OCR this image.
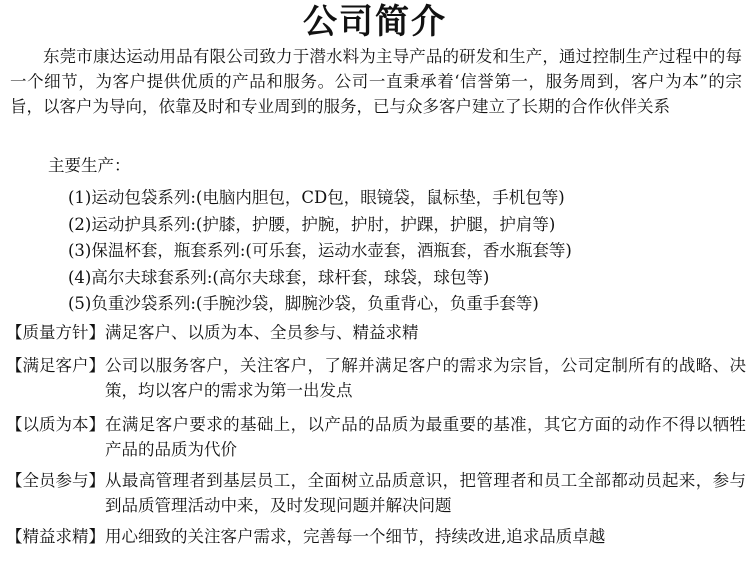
公司简介

东莞市康达运动用品有限公司致力于潜水料为主导产品的研发和生产，通过控制生产过程中的每一个细节，为客户提供优质的产品和服务。公司一直秉承着‘信誉第一，服务周到，客户为本”的宗旨，以客户为导向，依靠及时和专业周到的服务，已与众多客户建立了长期的合作伙伴关系

主要生产：
(1)运动包袋系列:(电脑内胆包，CD包，眼镜袋，鼠标垫，手机包等)
(2)运动护具系列:(护膝，护腰，护腕，护肘，护踝，护腿，护肩等)
(3)保温杯套，瓶套系列:(可乐套，运动水壶套，酒瓶套，香水瓶套等)
(4)高尔夫球套系列:(高尔夫球套，球杆套，球袋，球包等)
(5)负重沙袋系列:(手腕沙袋，脚腕沙袋，负重背心，负重手套等)
【质量方针】 满足客户、以质为本、全员参与、精益求精
【满足客户】 公司以服务客户，关注客户，了解并满足客户的需求为宗旨，公司定制所有的战略、决策，均以客户的需求为第一出发点
【以质为本】 在满足客户要求的基础上，以产品的品质为最重要的基准，其它方面的动作不得以牺牲产品的品质为代价
【全员参与】 从最高管理者到基层员工，全面树立品质意识，把管理者和员工全部都动员起来，参与到品质管理活动中来，及时发现问题并解决问题
【精益求精】 用心细致的关注客户需求，完善每一个细节，持续改进,追求品质卓越
